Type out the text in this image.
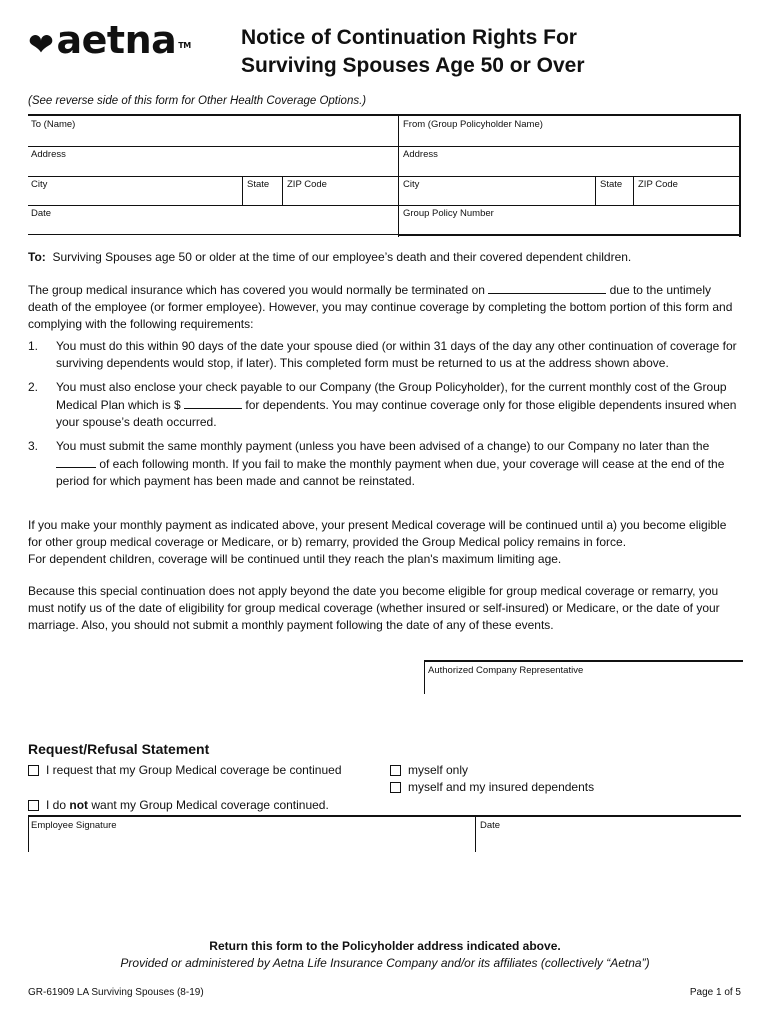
❤ aetna TM Notice of Continuation Rights For
Surviving Spouses Age 50 or Over
(See reverse side of this form for Other Health Coverage Options.)
To (Name)	From (Group Policyholder Name)
Address	Address
City	State	ZIP Code	City	State	ZIP Code
Date	Group Policy Number
To: Surviving Spouses age 50 or older at the time of our employee’s death and their covered dependent children.
The group medical insurance which has covered you would normally be terminated on	due to the untimely death of the employee (or former employee). However, you may continue coverage by completing the bottom portion of this form and complying with the following requirements:
1. You must do this within 90 days of the date your spouse died (or within 31 days of the day any other continuation of coverage for surviving dependents would stop, if later). This completed form must be returned to us at the address shown above.
2. You must also enclose your check payable to our Company (the Group Policyholder), for the current monthly cost of the Group Medical Plan which is $	for dependents. You may continue coverage only for those eligible dependents insured when your spouse’s death occurred.
3. You must submit the same monthly payment (unless you have been advised of a change) to our Company no later than the  of each following month. If you fail to make the monthly payment when due, your coverage will cease at the end of the period for which payment has been made and cannot be reinstated.
If you make your monthly payment as indicated above, your present Medical coverage will be continued until a) you become eligible for other group medical coverage or Medicare, or b) remarry, provided the Group Medical policy remains in force.
For dependent children, coverage will be continued until they reach the plan's maximum limiting age.
Because this special continuation does not apply beyond the date you become eligible for group medical coverage or remarry, you must notify us of the date of eligibility for group medical coverage (whether insured or self-insured) or Medicare, or the date of your marriage. Also, you should not submit a monthly payment following the date of any of these events.
Authorized Company Representative
Request/Refusal Statement
I request that my Group Medical coverage be continued	myself only
myself and my insured dependents
I do not want my Group Medical coverage continued.
Employee Signature	Date
Return this form to the Policyholder address indicated above.
Provided or administered by Aetna Life Insurance Company and/or its affiliates (collectively “Aetna”)
GR-61909 LA Surviving Spouses (8-19)	Page 1 of 5
